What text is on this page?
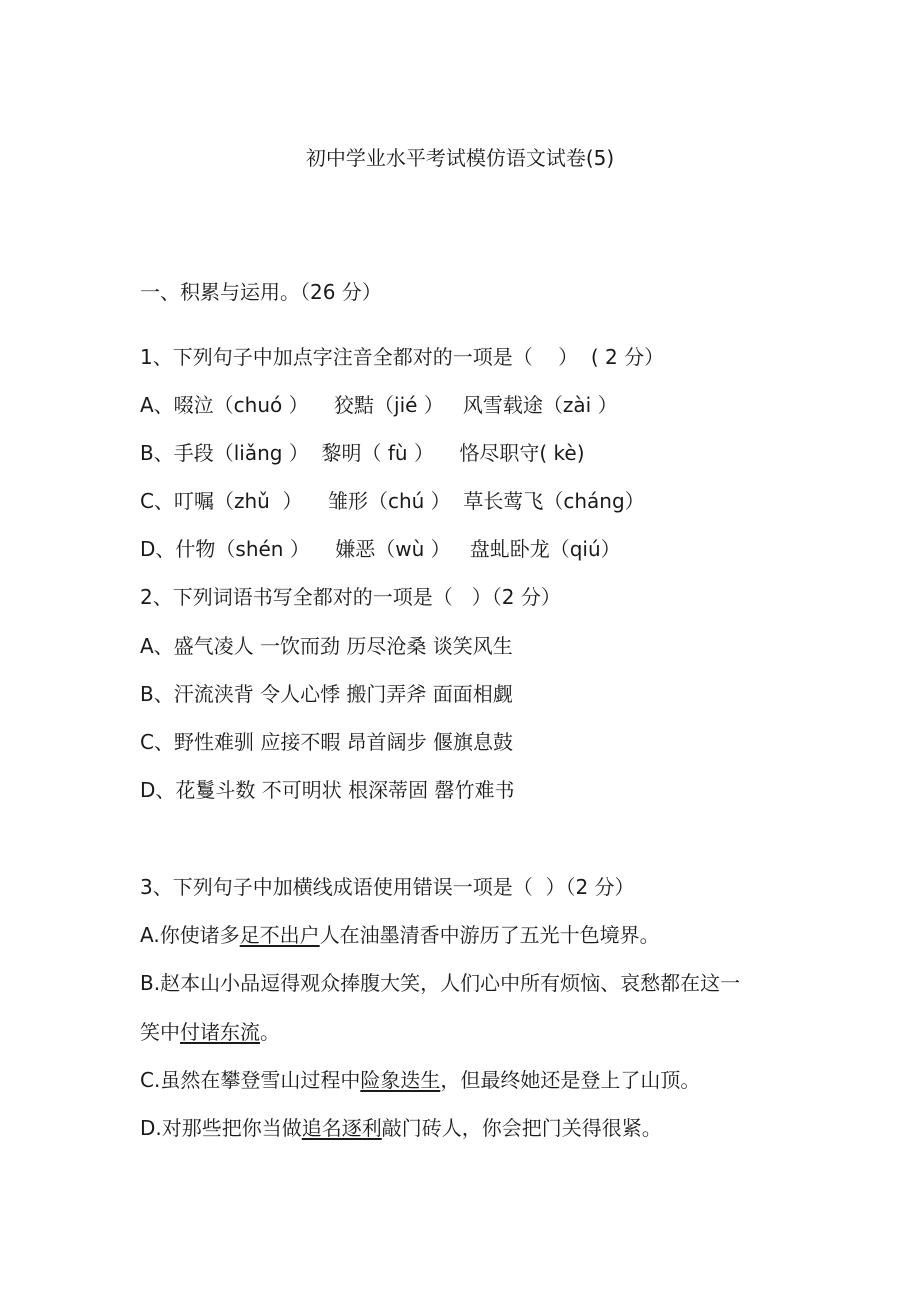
初中学业水平考试模仿语文试卷(5)
一、积累与运用。（26 分）
1、下列句子中加点字注音全都对的一项是（    ）  ( 2 分）
A、啜泣（chuó ）    狡黠（jié ）   风雪载途（zài ）
B、手段（liǎng ）  黎明（ fù ）    恪尽职守( kè)
C、叮嘱（zhǔ  ）    雏形（chú ）  草长莺飞（cháng）
D、什物（shén ）    嫌恶（wù ）   盘虬卧龙（qiú）
2、下列词语书写全都对的一项是（   ）（2 分）
A、盛气凌人 一饮而劲 历尽沧桑 谈笑风生
B、汗流浃背 令人心悸 搬门弄斧 面面相觑
C、野性难驯 应接不暇 昂首阔步 偃旗息鼓
D、花鬘斗数 不可明状 根深蒂固 罄竹难书
3、下列句子中加横线成语使用错误一项是（  ）（2 分）
A.你使诸多足不出户人在油墨清香中游历了五光十色境界。
B.赵本山小品逗得观众捧腹大笑，人们心中所有烦恼、哀愁都在这一
笑中付诸东流。
C.虽然在攀登雪山过程中险象迭生，但最终她还是登上了山顶。
D.对那些把你当做追名逐利敲门砖人，你会把门关得很紧。
